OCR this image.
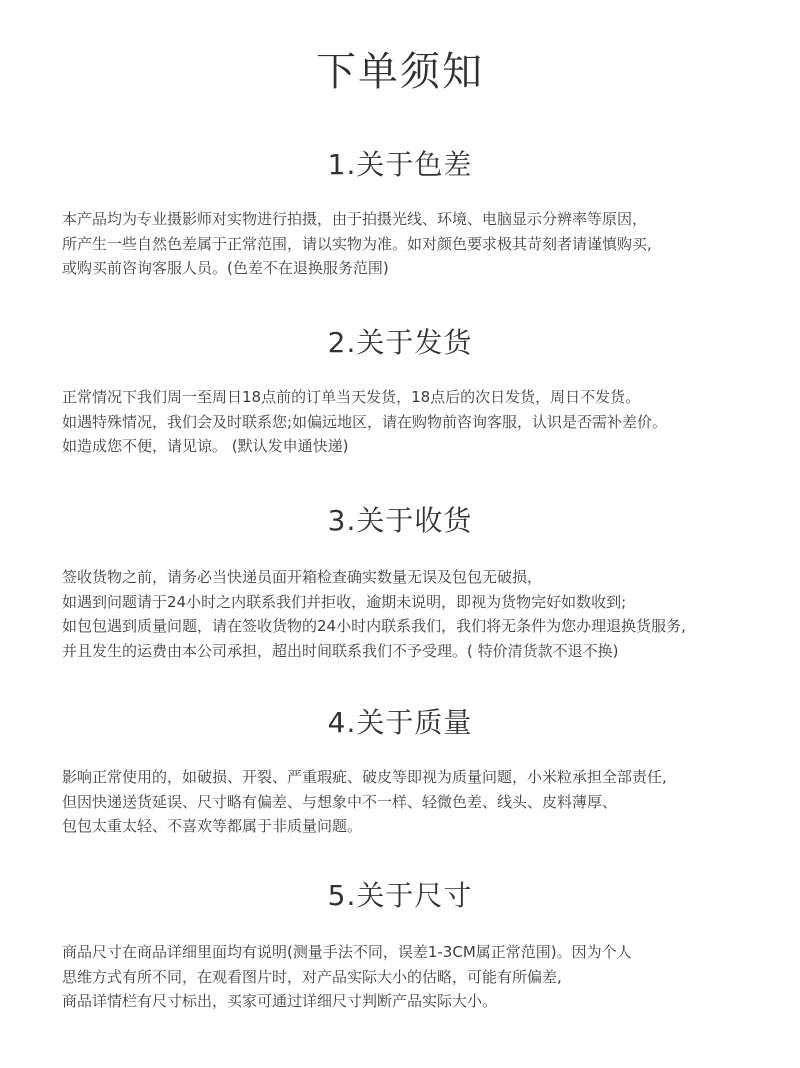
下单须知
1.关于色差

本产品均为专业摄影师对实物进行拍摄，由于拍摄光线、环境、电脑显示分辨率等原因，

所产生一些自然色差属于正常范围，请以实物为准。如对颜色要求极其苛刻者请谨慎购买,

或购买前咨询客服人员。(色差不在退换服务范围)

2.关于发货

正常情况下我们周一至周日18点前的订单当天发货，18点后的次日发货，周日不发货。

如遇特殊情况，我们会及时联系您;如偏远地区，请在购物前咨询客服，认识是否需补差价。

如造成您不便，请见谅。 (默认发申通快递)

3.关于收货

签收货物之前，请务必当快递员面开箱检查确实数量无误及包包无破损，

如遇到问题请于24小时之内联系我们并拒收，逾期未说明，即视为货物完好如数收到;

如包包遇到质量问题，请在签收货物的24小时内联系我们，我们将无条件为您办理退换货服务,

并且发生的运费由本公司承担，超出时间联系我们不予受理。( 特价清货款不退不换)

4.关于质量

影响正常使用的，如破损、开裂、严重瑕疵、破皮等即视为质量问题，小米粒承担全部责任,

但因快递送货延误、尺寸略有偏差、与想象中不一样、轻微色差、线头、皮料薄厚、

包包太重太轻、不喜欢等都属于非质量问题。

5.关于尺寸

商品尺寸在商品详细里面均有说明(测量手法不同，误差1-3CM属正常范围)。因为个人

思维方式有所不同，在观看图片时，对产品实际大小的估略，可能有所偏差,

商品详情栏有尺寸标出，买家可通过详细尺寸判断产品实际大小。
